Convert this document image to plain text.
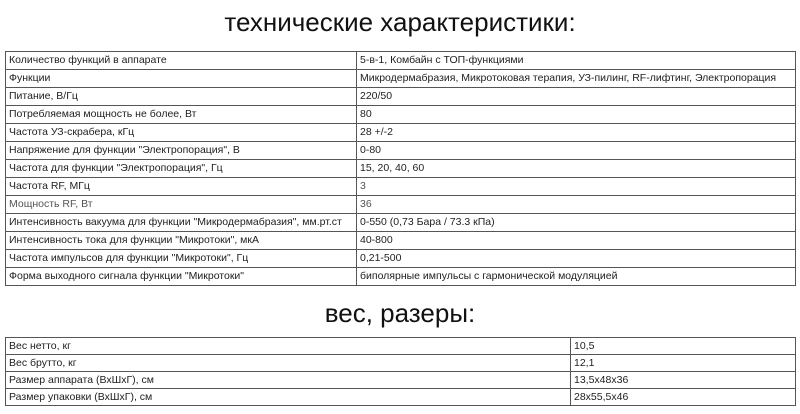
технические характеристики:
Количество функций в аппарате	5-в-1, Комбайн с ТОП-функциями
Функции	Микродермабразия, Микротоковая терапия, УЗ-пилинг, RF-лифтинг, Электропорация
Питание, В/Гц	220/50
Потребляемая мощность не более, Вт	80
Частота УЗ-скрабера, кГц	28 +/-2
Напряжение для функции "Электропорация", В	0-80
Частота для функции "Электропорация", Гц	15, 20, 40, 60
Частота RF, МГц	3
Мощность RF, Вт	36
Интенсивность вакуума для функции "Микродермабразия", мм.рт.ст	0-550 (0,73 Бара / 73.3 кПа)
Интенсивность тока для функции "Микротоки", мкА	40-800
Частота импульсов для функции "Микротоки", Гц	0,21-500
Форма выходного сигнала функции "Микротоки"	биполярные импульсы с гармонической модуляцией
вес, разеры:
Вес нетто, кг	10,5
Вес брутто, кг	12,1
Размер аппарата (ВхШхГ), см	13,5х48х36
Размер упаковки (ВхШхГ), см	28х55,5х46
